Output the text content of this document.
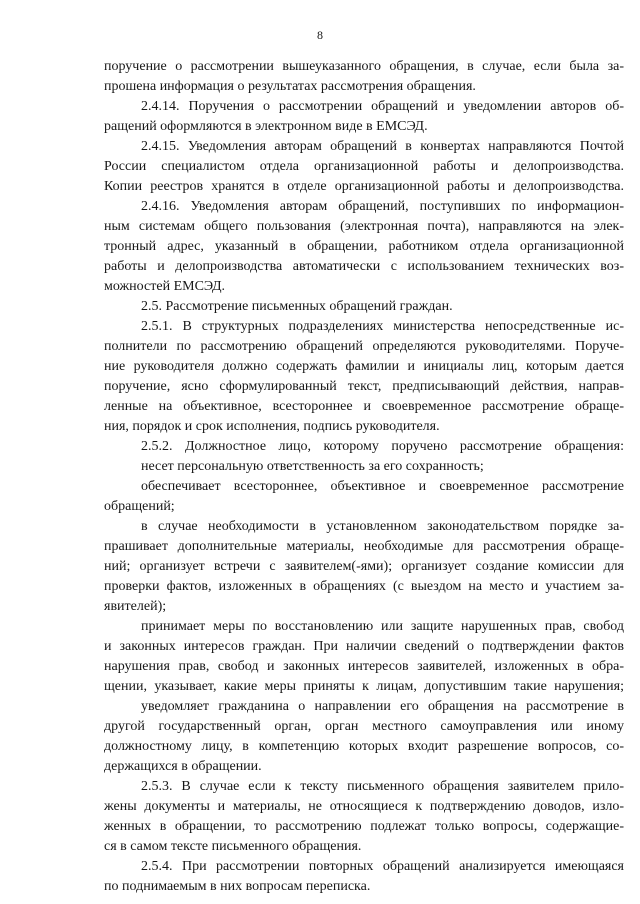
8
поручение о рассмотрении вышеуказанного обращения, в случае, если была за-
прошена информация о результатах рассмотрения обращения.
2.4.14. Поручения о рассмотрении обращений и уведомлении авторов об-
ращений оформляются в электронном виде в ЕМСЭД.
2.4.15. Уведомления авторам обращений в конвертах направляются Почтой
России специалистом отдела организационной работы и делопроизводства.
Копии реестров хранятся в отделе организационной работы и делопроизводства.
2.4.16. Уведомления авторам обращений, поступивших по информацион-
ным системам общего пользования (электронная почта), направляются на элек-
тронный адрес, указанный в обращении, работником отдела организационной
работы и делопроизводства автоматически с использованием технических воз-
можностей ЕМСЭД.
2.5. Рассмотрение письменных обращений граждан.
2.5.1. В структурных подразделениях министерства непосредственные ис-
полнители по рассмотрению обращений определяются руководителями. Поруче-
ние руководителя должно содержать фамилии и инициалы лиц, которым дается
поручение, ясно сформулированный текст, предписывающий действия, направ-
ленные на объективное, всестороннее и своевременное рассмотрение обраще-
ния, порядок и срок исполнения, подпись руководителя.
2.5.2. Должностное лицо, которому поручено рассмотрение обращения:
несет персональную ответственность за его сохранность;
обеспечивает всестороннее, объективное и своевременное рассмотрение
обращений;
в случае необходимости в установленном законодательством порядке за-
прашивает дополнительные материалы, необходимые для рассмотрения обраще-
ний; организует встречи с заявителем(-ями); организует создание комиссии для
проверки фактов, изложенных в обращениях (с выездом на место и участием за-
явителей);
принимает меры по восстановлению или защите нарушенных прав, свобод
и законных интересов граждан. При наличии сведений о подтверждении фактов
нарушения прав, свобод и законных интересов заявителей, изложенных в обра-
щении, указывает, какие меры приняты к лицам, допустившим такие нарушения;
уведомляет гражданина о направлении его обращения на рассмотрение в
другой государственный орган, орган местного самоуправления или иному
должностному лицу, в компетенцию которых входит разрешение вопросов, со-
держащихся в обращении.
2.5.3. В случае если к тексту письменного обращения заявителем прило-
жены документы и материалы, не относящиеся к подтверждению доводов, изло-
женных в обращении, то рассмотрению подлежат только вопросы, содержащие-
ся в самом тексте письменного обращения.
2.5.4. При рассмотрении повторных обращений анализируется имеющаяся
по поднимаемым в них вопросам переписка.
